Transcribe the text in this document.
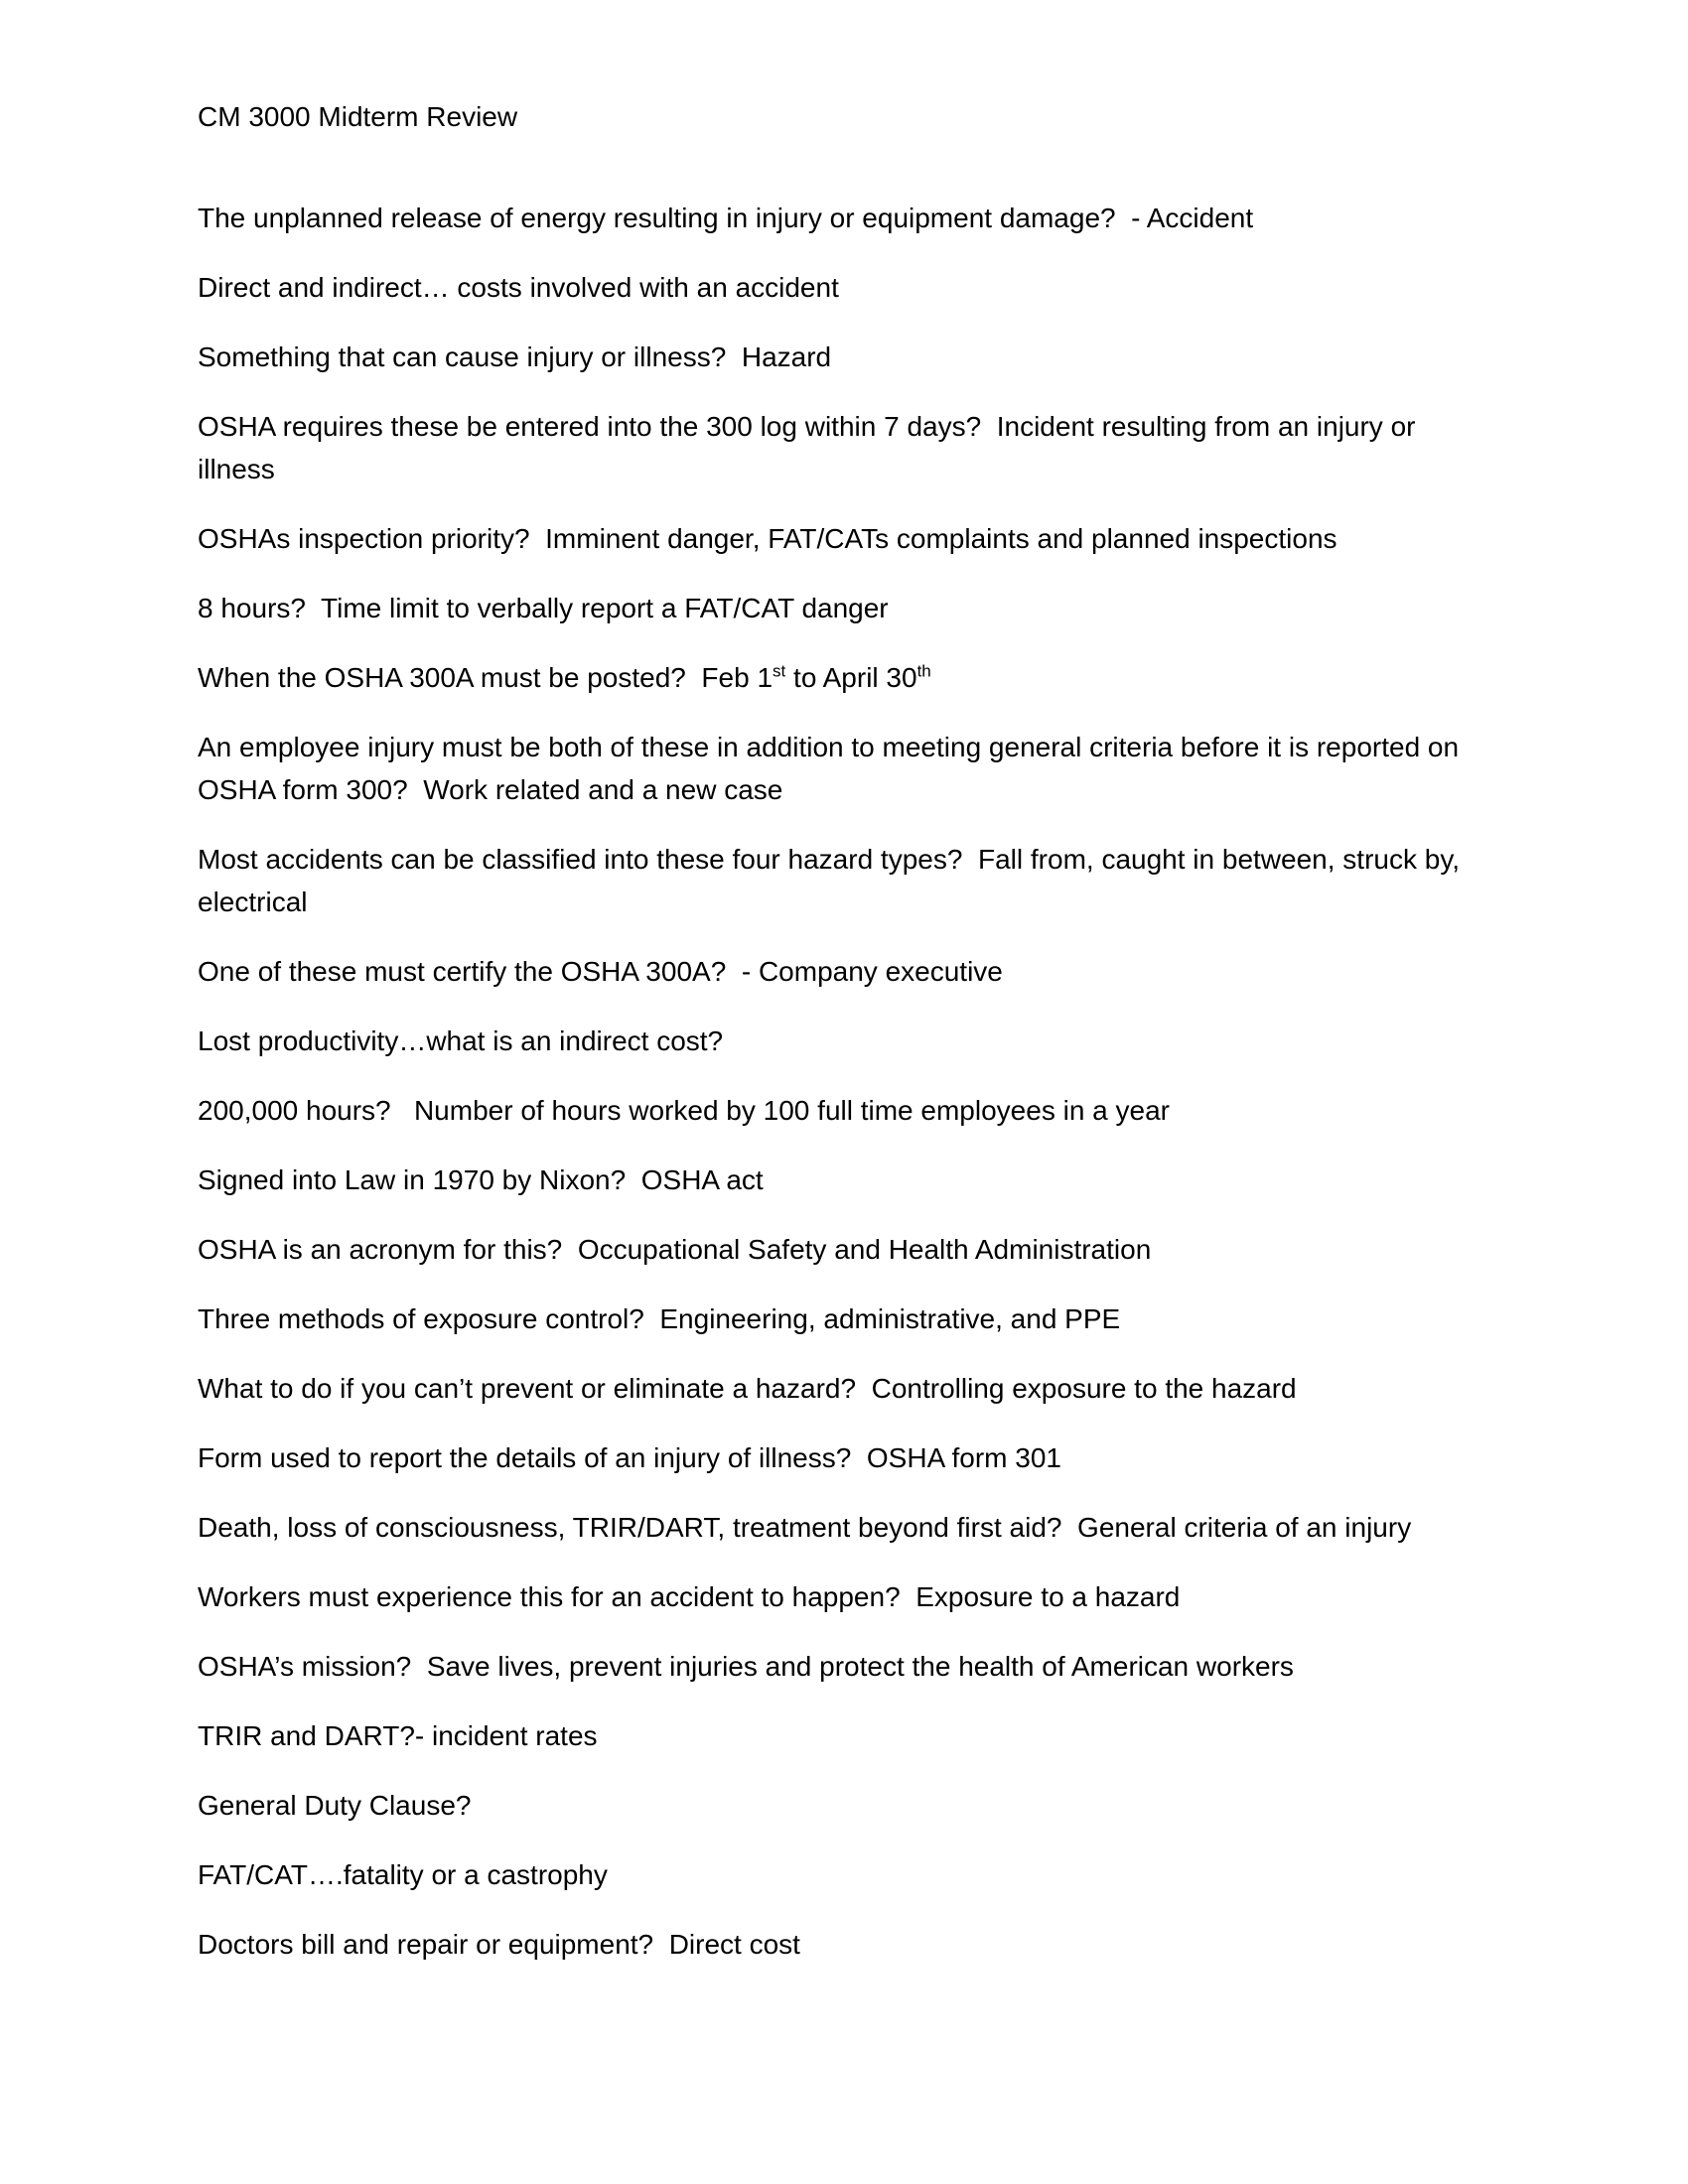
CM 3000 Midterm Review
The unplanned release of energy resulting in injury or equipment damage?  - Accident
Direct and indirect… costs involved with an accident
Something that can cause injury or illness? Hazard
OSHA requires these be entered into the 300 log within 7 days? Incident resulting from an injury or illness
OSHAs inspection priority? Imminent danger, FAT/CATs complaints and planned inspections
8 hours? Time limit to verbally report a FAT/CAT danger
When the OSHA 300A must be posted? Feb 1st to April 30th
An employee injury must be both of these in addition to meeting general criteria before it is reported on OSHA form 300? Work related and a new case
Most accidents can be classified into these four hazard types? Fall from, caught in between, struck by, electrical
One of these must certify the OSHA 300A?  - Company executive
Lost productivity…what is an indirect cost?
200,000 hours? Number of hours worked by 100 full time employees in a year
Signed into Law in 1970 by Nixon? OSHA act
OSHA is an acronym for this? Occupational Safety and Health Administration
Three methods of exposure control? Engineering, administrative, and PPE
What to do if you can’t prevent or eliminate a hazard? Controlling exposure to the hazard
Form used to report the details of an injury of illness? OSHA form 301
Death, loss of consciousness, TRIR/DART, treatment beyond first aid? General criteria of an injury
Workers must experience this for an accident to happen? Exposure to a hazard
OSHA’s mission? Save lives, prevent injuries and protect the health of American workers
TRIR and DART?- incident rates
General Duty Clause?
FAT/CAT….fatality or a castrophy
Doctors bill and repair or equipment? Direct cost
